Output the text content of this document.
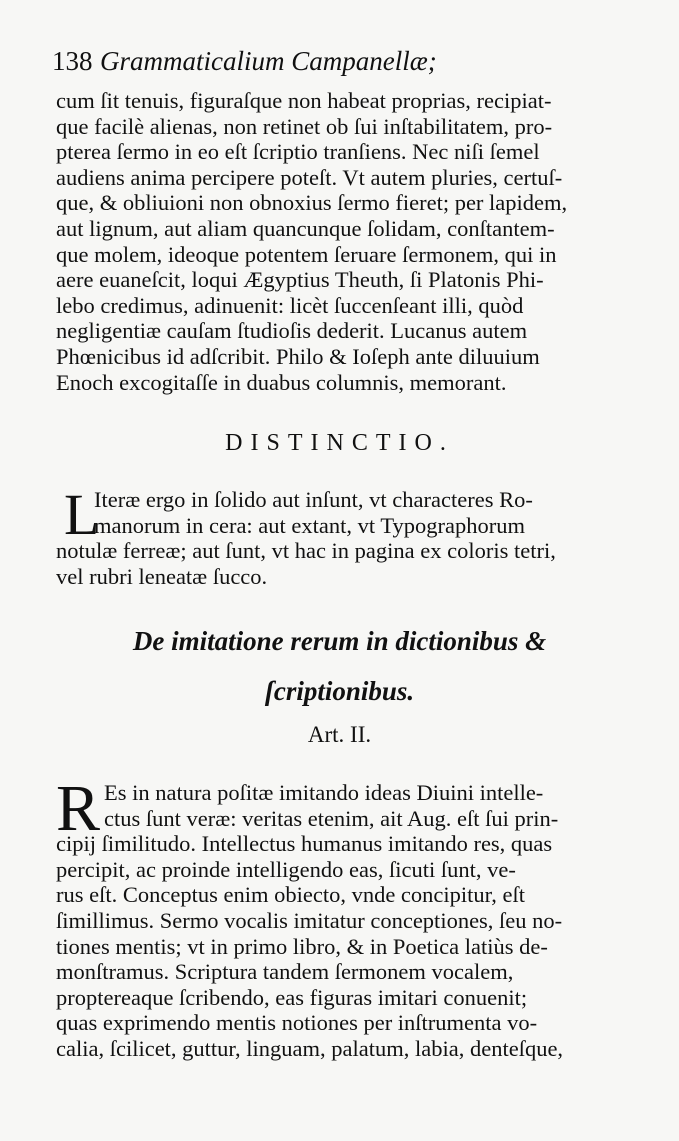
138 Grammaticalium Campanellæ;
cum ſit tenuis, figuraſque non habeat proprias, recipiat-
que facilè alienas, non retinet ob ſui inſtabilitatem, pro-
pterea ſermo in eo eſt ſcriptio tranſiens. Nec niſi ſemel
audiens anima percipere poteſt. Vt autem pluries, certuſ-
que, & obliuioni non obnoxius ſermo fieret; per lapidem,
aut lignum, aut aliam quancunque ſolidam, conſtantem-
que molem, ideoque potentem ſeruare ſermonem, qui in
aere euaneſcit, loqui Ægyptius Theuth, ſi Platonis Phi-
lebo credimus, adinuenit: licèt ſuccenſeant illi, quòd
negligentiæ cauſam ſtudioſis dederit. Lucanus autem
Phœnicibus id adſcribit. Philo & Ioſeph ante diluuium
Enoch excogitaſſe in duabus columnis, memorant.
DISTINCTIO.
L
Iteræ ergo in ſolido aut inſunt, vt characteres Ro-
manorum in cera: aut extant, vt Typographorum
notulæ ferreæ; aut ſunt, vt hac in pagina ex coloris tetri,
vel rubri leneatæ ſucco.
De imitatione rerum in dictionibus &
ſcriptionibus.
Art. II.
R Es in natura poſitæ imitando ideas Diuini intelle-
ctus ſunt veræ: veritas etenim, ait Aug. eſt ſui prin-
cipij ſimilitudo. Intellectus humanus imitando res, quas
percipit, ac proinde intelligendo eas, ſicuti ſunt, ve-
rus eſt. Conceptus enim obiecto, vnde concipitur, eſt
ſimillimus. Sermo vocalis imitatur conceptiones, ſeu no-
tiones mentis; vt in primo libro, & in Poetica latiùs de-
monſtramus. Scriptura tandem ſermonem vocalem,
proptereaque ſcribendo, eas figuras imitari conuenit;
quas exprimendo mentis notiones per inſtrumenta vo-
calia, ſcilicet, guttur, linguam, palatum, labia, denteſque,
